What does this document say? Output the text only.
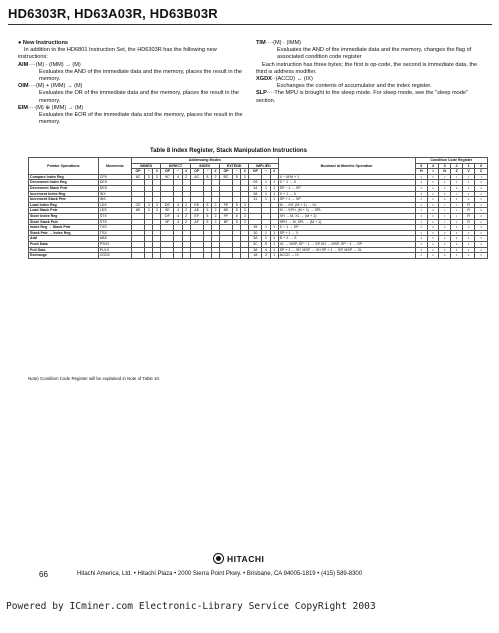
HD6303R, HD63A03R, HD63B03R
● New Instructions
In addition to the HD6801 Instruction Set, the HD6303R has the following new instructions:
AIM····(M) · (IMM) → (M)
Evaluates the AND of the immediate data and the memory, places the result in the memory.
OIM····(M) + (IMM) → (M)
Evaluates the OR of the immediate data and the memory, places the result in the memory.
EIM····(M) ⊕ (IMM) → (M)
Evaluates the EOR of the immediate data and the memory, places the result in the memory.
TIM····(M) · (IMM)
Evaluates the AND of the immediate data and the memory, changes the flag of associated condition code register
Each instruction has three bytes; the first is op-code, the second is immediate data, the third is address modifier.
XGDX··(ACCD) ↔ (IX)
Exchanges the contents of accumulator and the index register.
SLP····The MPU is brought to the sleep mode. For sleep mode, see the "sleep mode" section.
Table 8 Index Register, Stack Manipulation Instructions
Pointer Operations	Mnemonic	Addressing Modes															Boolean/ Arithmetic Operation	Condition Code Register					
		IMMED			DIRECT			INDEX			EXTEND			IMPLIED				5	4	3	2	1	0
		OP	~	#	OP	~	#	OP	~	#	OP	~	#	OP	~	#		H	I	N	Z	V	C
Compare Index Reg	CPX	8C	3	3	9C	4	2	AC	5	2	BC	5	3				X − M:M + 1	•	•	↕	↕	↕	↕
Decrement Index Reg	DEX													09	1	1	X − 1 → X	•	•	•	↕	•	•
Decrement Stack Pntr	DES													34	1	1	SP − 1 → SP	•	•	•	•	•	•
Increment Index Reg	INX													08	1	1	X + 1 → X	•	•	•	↕	•	•
Increment Stack Pntr	INS													31	1	1	SP + 1 → SP	•	•	•	•	•	•
Load Index Reg	LDX	CE	3	3	DE	4	2	EE	5	2	FE	5	3				M → XH, (M + 1) → XL	•	•	↕	↕	R	•
Load Stack Pntr	LDS	8E	3	3	9E	4	2	AE	5	2	BE	5	3				M → SPH, (M + 1) → SPL	•	•	↕	↕	R	•
Store Index Reg	STX				DF	4	2	EF	5	2	FF	5	3				XH → M, XL → (M + 1)	•	•	↕	↕	R	•
Store Stack Pntr	STS				9F	4	2	AF	5	2	BF	5	3				SPH → M, SPL → (M + 1)	•	•	↕	↕	R	•
Index Reg → Stack Pntr	TXS													35	1	1	X − 1 → SP	•	•	•	•	•	•
Stack Pntr → Index Reg	TSX													30	1	1	SP + 1 → X	•	•	•	•	•	•
Add	ABX													3A	1	1	B + X → X	•	•	•	•	•	•
Push Data	PSHX													3C	5	1	XL → MSP, SP − 1 → SP XH → MSP, SP − 1 → SP	•	•	•	•	•	•
Pull Data	PULX													38	4	1	SP + 1 → SP, MSP → XH SP + 1 → SP, MSP → XL	•	•	•	•	•	•
Exchange	XGDX													18	2	1	ACCD ↔ IX	•	•	•	•	•	•
Note) Condition Code Register will be explained in Note of Table 10.
HITACHI
66	Hitachi America, Ltd. • Hitachi Plaza • 2000 Sierra Point Pkwy. • Brisbane, CA 94005-1819 • (415) 589-8300
Powered by ICminer.com Electronic-Library Service CopyRight 2003
